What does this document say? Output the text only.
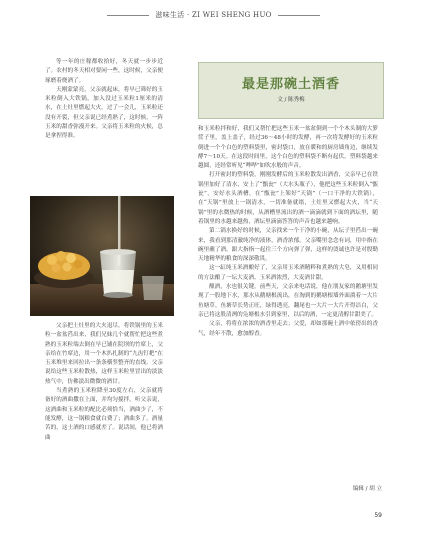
滋味生活 · ZI WEI SHENG HUO

等一年的庄稼都收拾好，冬天就一步步近了。农村的冬天相对要闲一些，这时候，父亲便琢磨着烧酒了。

天刚蒙蒙亮，父亲就起床，将早已筛好的玉米粒倒入大铁锅，加入没过玉米粒1厘米的清水，在土灶里燃起大火。过了一会儿，玉米粒还没有开裂，但父亲说已经煮熟了，这时候，一阵玉米的甜香弥漫开来。父亲将玉米粒的火候，总是拿捏得准。

父亲把土灶里的大火退尽，将铁锅里的玉米粒一盆盆舀出来，我们兄妹几个就帮忙把这些煮熟的玉米粒端去倒在早已铺在院坝的竹席上，父亲给在竹席边，用一个木扒扎制的“九齿钉耙”在玉米堆里来回拉出一条条横竖整齐的直线。父亲说给这些玉米粒散热，这样玉米粒里冒出的淡淡热气中，仿佛淡出微微的酒甘。

当煮熟的玉米粒降至30度左右，父亲就将备好的酒曲撒在上面，并均匀搅拌。听父亲说，这酒曲和玉米粒的配比必须恰当，酒曲少了，不能发酵，这一锅粮食就白费了；酒曲多了，酒量苦的，这土酒的口感就差了。说话间，他已将酒曲

最是那碗土酒香
文 / 陈秀梅

和玉米粒拌和好，我们又帮忙把这些玉米一盆盆倒到一个个木头制的大箩筐子里，盖上盖子，经过36～48小时的发酵，再一次将发酵好的玉米粒倒进一个个白色的塑料袋里，密封袋口，放在暖和的厨房墙角边，继续发酵7～10天。在这段时间里，这个白色的塑料袋不断有起伏，塑料袋越来越圆，还经常听见“哔哔”如吹水般的声音。

打开密封的塑料袋，刚刚发酵后的玉米粒散发出酒香，父亲早已在铁锅里加好了清水，安上了“甑瓮”（大水头瓶子），他把这些玉米粒倒入“甑瓮”，安好水头酒槽，在“甑瓮”上架好“天锅”（一口干净的大铁锅），在“天锅”里放上一锅清水，一切准备就绪，土灶里又燃起大火，当“天锅”里的水微热的时候，从酒槽里流出的酒一滴滴就到下面的酒坛里，随着锅里的水越来越热，酒坛里滴滴答答的声音也越来越响。

第二锅水换好的时候，父亲找来一个干净的小碗，从坛子里舀出一碗来，我看到那清澈纯净的液体，酒香浓郁。父亲嘴里念念有词，用中指在碗里蘸了酒，跟大指指一起往三个方向弹了弹，这样的烫诚也许是对殷勤天地精华的粮食的深深敬畏。

这一缸纯玉米酒酿好了，父亲用玉米酒精粹和煮熟的大皂，又用相同的方法酿了一坛大麦酒、玉米酒浓烈，大麦酒甘甜。

酿酒，水也很关键。前些天，父亲来电话说，他在朋友家的鹅塘里发现了一股地下水，那水从鹅塘根流出，在淘到的鹅塘根墙外面淌着一大片鱼塘草。鱼塘草长势正旺，绿得透亮，翻尾也一大片一大片开得洁白，父亲已将这股清冽的凫塘根水引到家里，以后的酒，一定更清醇甘甜美了。

父亲，将将在浓浓的酒香里走去；父爱，却如那碗土酒中依傍出的香气，经年不散，愈加醇香。

编辑 / 胡 立
59
